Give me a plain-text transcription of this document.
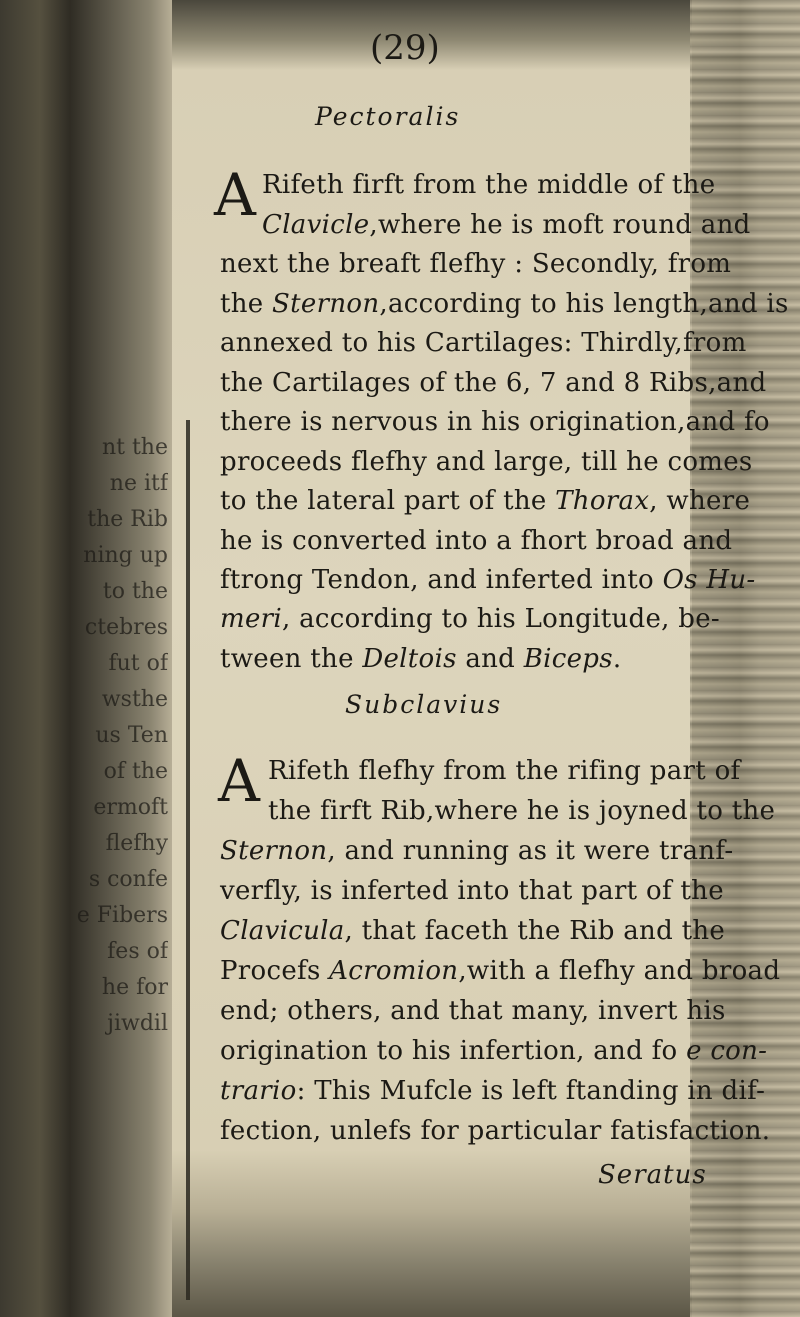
nt the
ne itf
the Rib
ning up
to the
ctebres
fut of
wsthe
us Ten
of the
ermoft
flefhy
s confe
e Fibers
fes of
he for
jiwdil
(29)
Pectoralis
A Rifeth firft from the middle of the
Clavicle,where he is moft round and
next the breaft flefhy : Secondly, from
the Sternon,according to his length,and is
annexed to his Cartilages: Thirdly,from
the Cartilages of the 6, 7 and 8 Ribs,and
there is nervous in his origination,and fo
proceeds flefhy and large, till he comes
to the lateral part of the Thorax, where
he is converted into a fhort broad and
ftrong Tendon, and inferted into Os Hu-
meri, according to his Longitude, be-
Subclavius
A Rifeth flefhy from the rifing part of
the firft Rib,where he is joyned to the
Sternon, and running as it were tranf-
verfly, is inferted into that part of the
Clavicula, that faceth the Rib and the
Procefs Acromion,with a flefhy and broad
end; others, and that many, invert his
origination to his infertion, and fo e con-
trario: This Mufcle is left ftanding in dif-
fection, unlefs for particular fatisfaction.
Seratus
tween the Deltois and Biceps.
